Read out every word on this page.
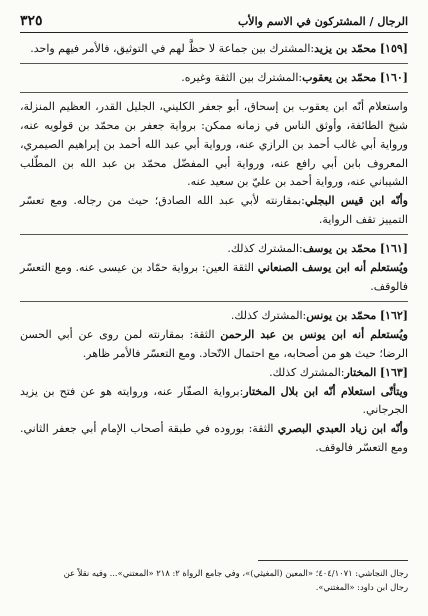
الرجال / المشتركون في الاسم والأب
٣٢٥

[١٥٩] محمّد بن يزيد:المشترك بين جماعة لا حظَّ لهم في التوثيق، فالأمر فيهم واحد.

[١٦٠] محمّد بن يعقوب:المشترك بين الثقة وغيره.

واستعلام أنّه ابن يعقوب بن إسحاق، أبو جعفر الكليني، الجليل القدر، العظيم المنزلة، شيخ الطائفة، وأوثق الناس في زمانه ممكن: برواية جعفر بن محمّد بن قولويه عنه، ورواية أبي غالب أحمد بن الرازي عنه، ورواية أبي عبد الله أحمد بن إبراهيم الصيمري، المعروف بابن أبي رافع عنه، ورواية أبي المفضّل محمّد بن عبد الله بن المطّلب الشيباني عنه، ورواية أحمد بن عليّ بن سعيد عنه.

وأنّه ابن قيس البجلي:بمقارنته لأبي عبد الله الصادق؛ حيث من رجاله. ومع تعسّر التمييز تقف الرواية.

[١٦١] محمّد بن يوسف:المشترك كذلك.

ويُستعلم أنه ابن يوسف الصنعاني الثقة العين: برواية حمّاد بن عيسى عنه. ومع التعسّر فالوقف.

[١٦٢] محمّد بن يونس:المشترك كذلك.

ويُستعلم أنه ابن يونس بن عبد الرحمن الثقة: بمقارنته لمن روى عن أبي الحسن الرضا؛ حيث هو من أصحابه، مع احتمال الاتّحاد. ومع التعسّر فالأمر ظاهر.

[١٦٣] المختار:المشترك كذلك.

ويتأتّى استعلام أنّه ابن بلال المختار:برواية الصفّار عنه، وروايته هو عن فتح بن يزيد الجرجاني.

وأنّه ابن زياد العبدي البصري الثقة: بوروده في طبقة أصحاب الإمام أبي جعفر الثاني. ومع التعسّر فالوقف.

رجال النجاشي: ٤٠٤/١٠٧١؛ «المعين (المغيثي)»، وفي جامع الرواة ٢: ٢١٨ «المعتني»... وفيه نقلاً عن
رجال ابن داود: «المغتني».
